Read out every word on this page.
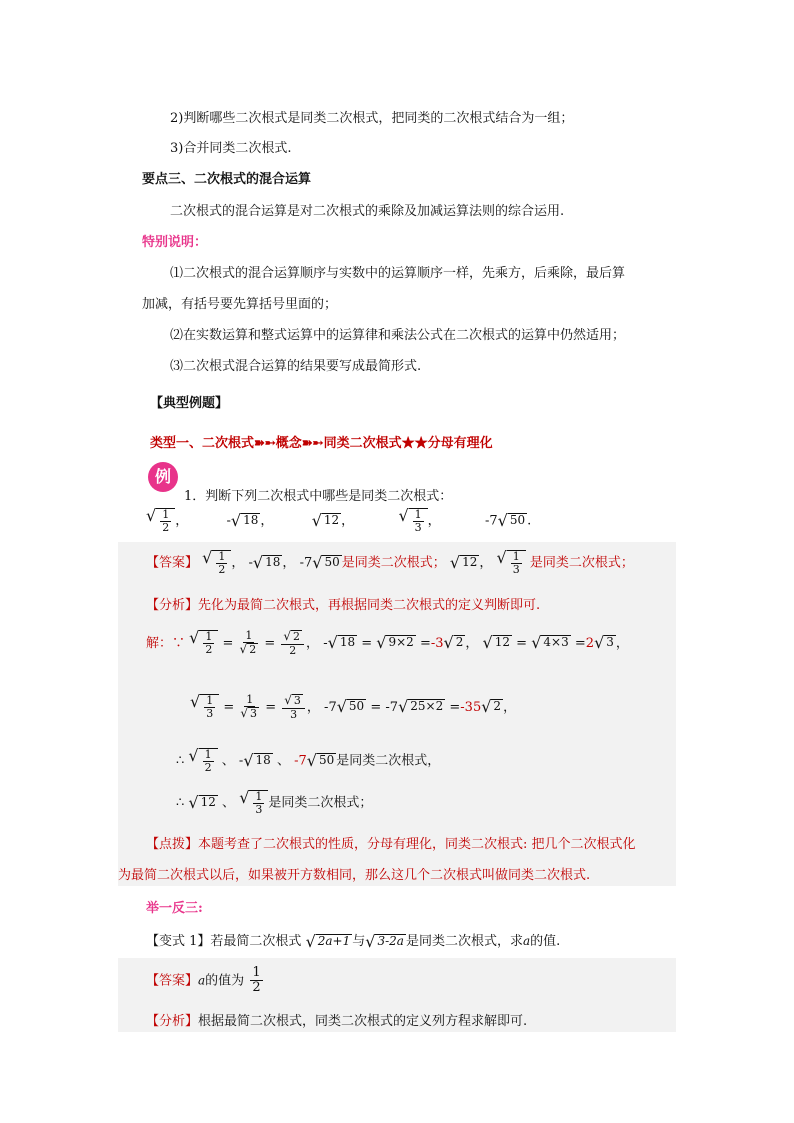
2)判断哪些二次根式是同类二次根式，把同类的二次根式结合为一组；
3)合并同类二次根式.
要点三、二次根式的混合运算
二次根式的混合运算是对二次根式的乘除及加减运算法则的综合运用.
特别说明：
⑴二次根式的混合运算顺序与实数中的运算顺序一样，先乘方，后乘除，最后算
加减，有括号要先算括号里面的；
⑵在实数运算和整式运算中的运算律和乘法公式在二次根式的运算中仍然适用；
⑶二次根式混合运算的结果要写成最简形式.
【典型例题】
类型一、二次根式➽➸概念➽➸同类二次根式★★分母有理化
例
1．判断下列二次根式中哪些是同类二次根式：
√ $\frac{1}{2}$ ，	- √ 18 ， √ 12 ，	√ $\frac{1}{3}$ ，	-7 √ 50 .
【答案】 √ $\frac{1}{2}$ ， - √ 18 ， -7 √ 50 是同类二次根式； √ 12 ， √ $\frac{1}{3}$ 是同类二次根式；
【分析】先化为最简二次根式，再根据同类二次根式的定义判断即可.
解：∵ √ $\frac{1}{2} = \frac{1}{√ 2} = \frac{√ 2}{2}$ ， - √ 18 = √ 9×2 =-3 √ 2 ， √ 12 = √ 4×3 =2 √ 3 ，
√ $\frac{1}{3} = \frac{1}{√ 3} = \frac{√ 3}{3}$ ， -7 √ 50 = -7 √ 25×2 =-35 √ 2 ，
∴ √ $\frac{1}{2}$ 、 - √ 18 、 -7 √ 50 是同类二次根式，
∴ √ 12 、 √ $\frac{1}{3}$ 是同类二次根式；
【点拨】本题考查了二次根式的性质，分母有理化，同类二次根式: 把几个二次根式化
为最简二次根式以后，如果被开方数相同，那么这几个二次根式叫做同类二次根式.
举一反三:
【变式 1】若最简二次根式 √ 2a+1 与 √ 3-2a 是同类二次根式，求a的值.
【答案】a的值为 $\frac{1}{2}$
【分析】根据最简二次根式，同类二次根式的定义列方程求解即可.
